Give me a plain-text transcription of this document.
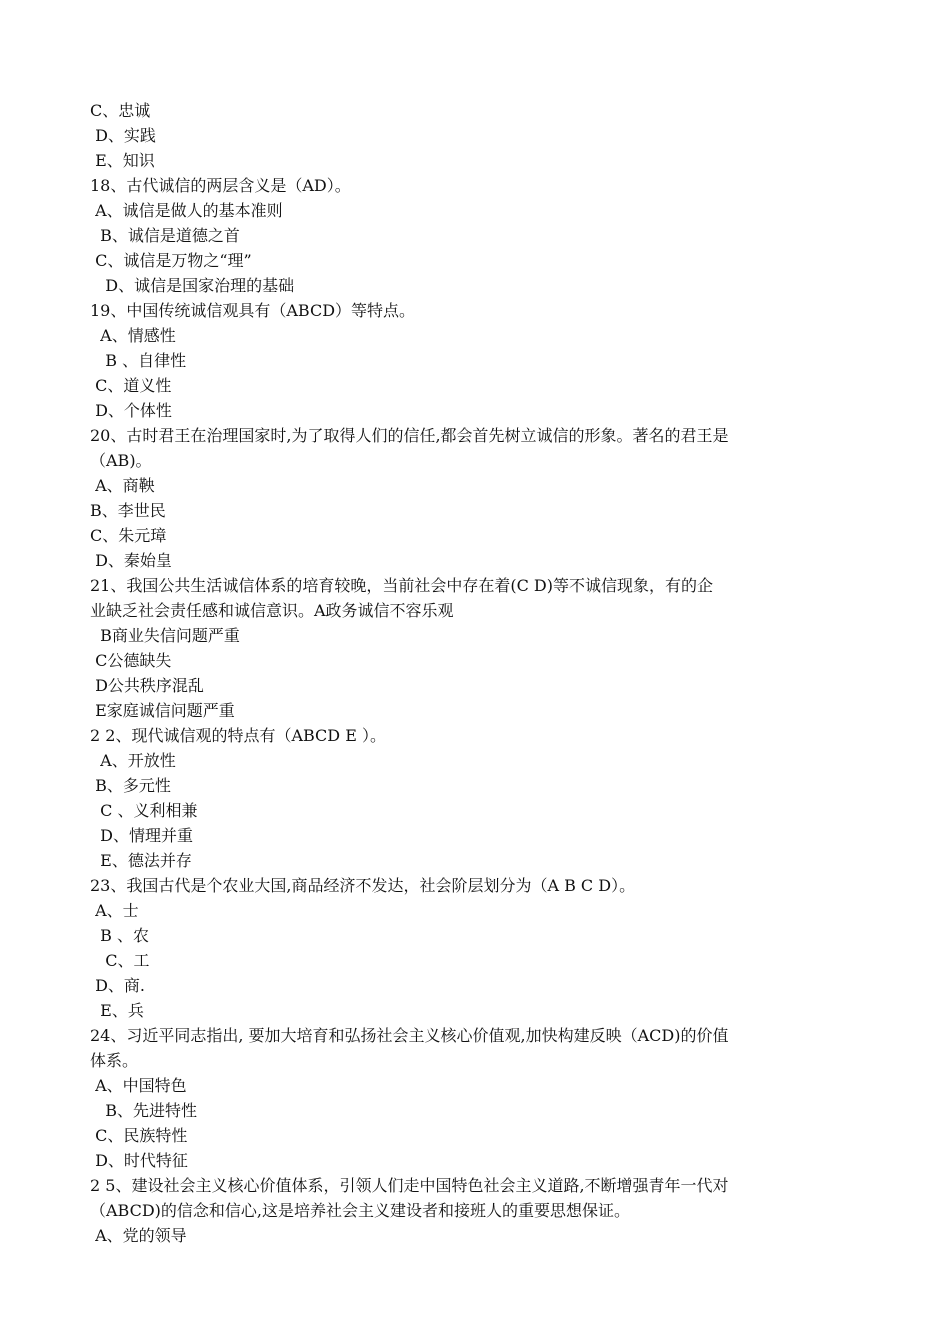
C、忠诚
D、实践
E、知识
18、古代诚信的两层含义是（AD）。
A、诚信是做人的基本准则
B、诚信是道德之首
C、诚信是万物之“理”
D、诚信是国家治理的基础
19、中国传统诚信观具有（ABCD）等特点。
A、情感性
B 、自律性
C、道义性
D、个体性
20、古时君王在治理国家时,为了取得人们的信任,都会首先树立诚信的形象。著名的君王是
（AB)。
A、商鞅
B、李世民
C、朱元璋
D、秦始皇
21、我国公共生活诚信体系的培育较晚，当前社会中存在着(C D)等不诚信现象，有的企
业缺乏社会责任感和诚信意识。A政务诚信不容乐观
B商业失信问题严重
C公德缺失
D公共秩序混乱
E家庭诚信问题严重
2 2、现代诚信观的特点有（ABCD E ）。
A、开放性
B、多元性
C 、义利相兼
D、情理并重
E、德法并存
23、我国古代是个农业大国,商品经济不发达，社会阶层划分为（A B C D）。
A、士
B 、农
C、工
D、商.
E、兵
24、习近平同志指出, 要加大培育和弘扬社会主义核心价值观,加快构建反映（ACD)的价值
体系。
A、中国特色
B、先进特性
C、民族特性
D、时代特征
2 5、建设社会主义核心价值体系，引领人们走中国特色社会主义道路,不断增强青年一代对
（ABCD)的信念和信心,这是培养社会主义建设者和接班人的重要思想保证。
A、党的领导
